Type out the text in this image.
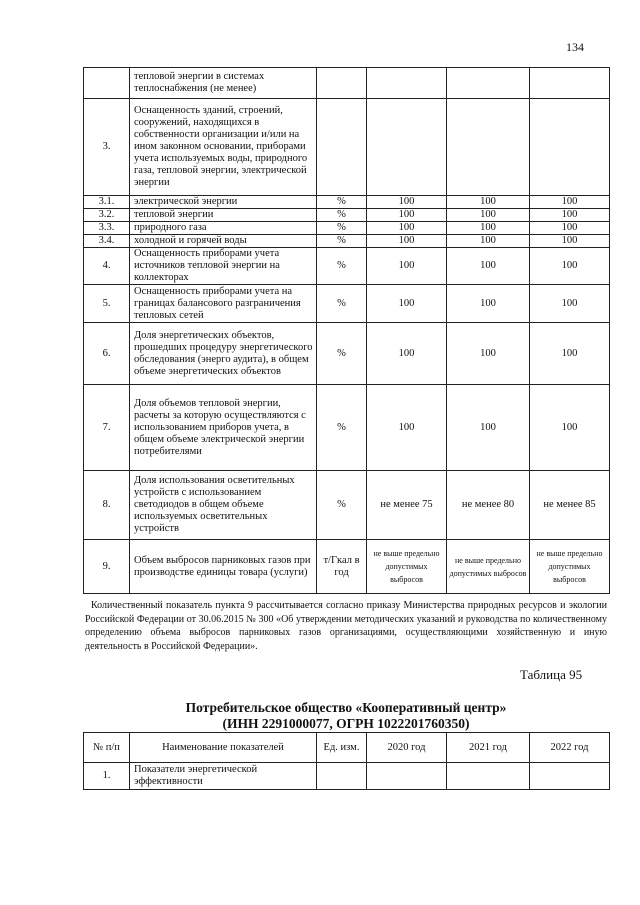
134
	тепловой энергии в системах теплоснабжения (не менее)				
3.	Оснащенность зданий, строений, сооружений, находящихся в собственности организации и/или на ином законном основании, приборами учета используемых воды, природного газа, тепловой энергии, электрической энергии				
3.1.	электрической энергии	%	100	100	100
3.2.	тепловой энергии	%	100	100	100
3.3.	природного газа	%	100	100	100
3.4.	холодной и горячей воды	%	100	100	100
4.	Оснащенность приборами учета источников тепловой энергии на коллекторах	%	100	100	100
5.	Оснащенность приборами учета на границах балансового разграничения тепловых сетей	%	100	100	100
6.	Доля энергетических объектов, прошедших процедуру энергетического обследования (энерго аудита), в общем объеме энергетических объектов	%	100	100	100
7.	Доля объемов тепловой энергии, расчеты за которую осуществляются с использованием приборов учета, в общем объеме электрической энергии потребителями	%	100	100	100
8.	Доля использования осветительных устройств с использованием светодиодов в общем объеме используемых осветительных устройств	%	не менее 75	не менее 80	не менее 85
9.	Объем выбросов парниковых газов при производстве единицы товара (услуги)	т/Гкал в год	не выше предельно допустимых выбросов	не выше предельно допустимых выбросов	не выше предельно допустимых выбросов
Количественный показатель пункта 9 рассчитывается согласно приказу Министерства природных ресурсов и экологии Российской Федерации от 30.06.2015 № 300 «Об утверждении методических указаний и руководства по количественному определению объема выбросов парниковых газов организациями, осуществляющими хозяйственную и иную деятельность в Российской Федерации».
Таблица 95
Потребительское общество «Кооперативный центр»
(ИНН 2291000077, ОГРН 1022201760350)
№ п/п	Наименование показателей	Ед. изм.	2020 год	2021 год	2022 год
1.	Показатели энергетической эффективности				
